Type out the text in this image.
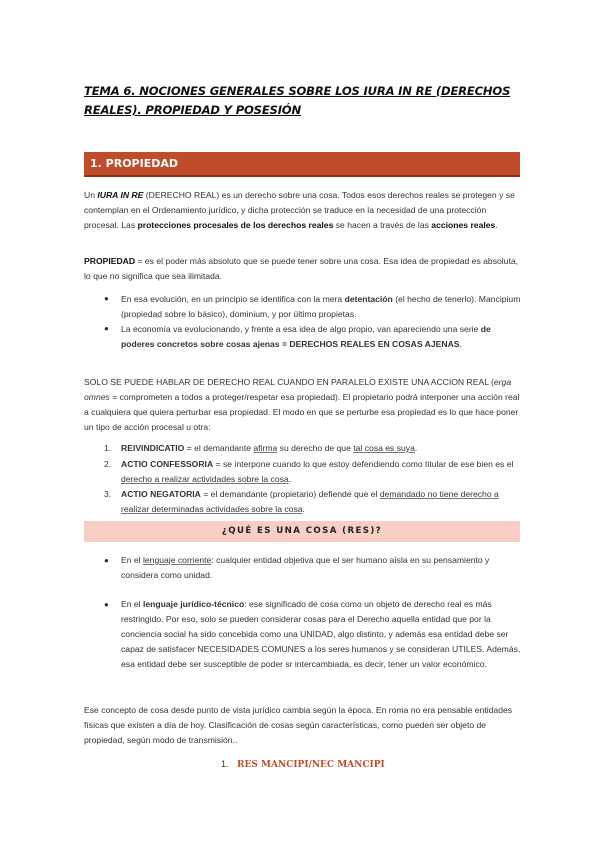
TEMA 6. NOCIONES GENERALES SOBRE LOS IURA IN RE (DERECHOS REALES). PROPIEDAD Y POSESIÓN
1. PROPIEDAD
Un IURA IN RE (DERECHO REAL) es un derecho sobre una cosa. Todos esos derechos reales se protegen y se contemplan en el Ordenamiento jurídico, y dicha protección se traduce en la necesidad de una protección procesal. Las protecciones procesales de los derechos reales se hacen a través de las acciones reales.
PROPIEDAD = es el poder más absoluto que se puede tener sobre una cosa. Esa idea de propiedad es absoluta, lo que no significa que sea ilimitada.
●	En esa evolución, en un principio se identifica con la mera detentación (el hecho de tenerlo). Mancipium (propiedad sobre lo básico), dominium, y por último propietas.
●	La economía va evolucionando, y frente a esa idea de algo propio, van apareciendo una serie de poderes concretos sobre cosas ajenas = DERECHOS REALES EN COSAS AJENAS.
SOLO SE PUEDE HABLAR DE DERECHO REAL CUANDO EN PARALELO EXISTE UNA ACCION REAL (erga omnes = comprometen a todos a proteger/respetar esa propiedad). El propietario podrá interponer una acción real a cualquiera que quiera perturbar esa propiedad. El modo en que se perturbe esa propiedad es lo que hace poner un tipo de acción procesal u otra:
1.	REIVINDICATIO = el demandante afirma su derecho de que tal cosa es suya.
2.	ACTIO CONFESSORIA = se interpone cuando lo que estoy defendiendo como titular de ese bien es el derecho a realizar actividades sobre la cosa.
3.	ACTIO NEGATORIA = el demandante (propietario) defiende que el demandado no tiene derecho a realizar determinadas actividades sobre la cosa.
¿QUÉ ES UNA COSA (RES)?
●	En el lenguaje corriente: cualquier entidad objetiva que el ser humano aísla en su pensamiento y considera como unidad.
●	En el lenguaje jurídico-técnico: ese significado de cosa como un objeto de derecho real es más restringido. Por eso, solo se pueden considerar cosas para el Derecho aquella entidad que por la conciencia social ha sido concebida como una UNIDAD, algo distinto, y además esa entidad debe ser capaz de satisfacer NECESIDADES COMUNES a los seres humanos y se consideran UTILES. Además, esa entidad debe ser susceptible de poder sr intercambiada, es decir, tener un valor económico.
Ese concepto de cosa desde punto de vista jurídico cambia según la época. En roma no era pensable entidades físicas que existen a día de hoy. Clasificación de cosas según características, como pueden ser objeto de propiedad, según modo de transmisión..
1. RES MANCIPI/NEC MANCIPI
